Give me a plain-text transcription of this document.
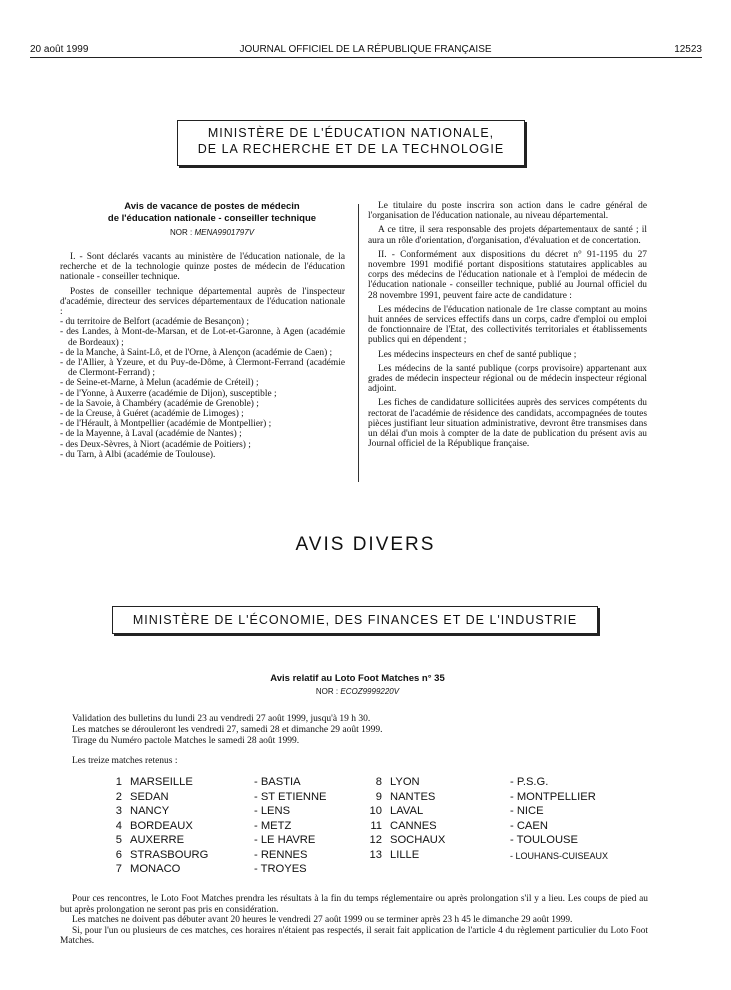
20 août 1999	JOURNAL OFFICIEL DE LA RÉPUBLIQUE FRANÇAISE	12523
MINISTÈRE DE L'ÉDUCATION NATIONALE,
DE LA RECHERCHE ET DE LA TECHNOLOGIE
Avis de vacance de postes de médecin
de l'éducation nationale - conseiller technique
NOR : MENA9901797V

I. - Sont déclarés vacants au ministère de l'éducation nationale, de la recherche et de la technologie quinze postes de médecin de l'éducation nationale - conseiller technique.

Postes de conseiller technique départemental auprès de l'inspecteur d'académie, directeur des services départementaux de l'éducation nationale :

- du territoire de Belfort (académie de Besançon) ;
- des Landes, à Mont-de-Marsan, et de Lot-et-Garonne, à Agen (académie de Bordeaux) ;
- de la Manche, à Saint-Lô, et de l'Orne, à Alençon (académie de Caen) ;
- de l'Allier, à Yzeure, et du Puy-de-Dôme, à Clermont-Ferrand (académie de Clermont-Ferrand) ;
- de Seine-et-Marne, à Melun (académie de Créteil) ;
- de l'Yonne, à Auxerre (académie de Dijon), susceptible ;
- de la Savoie, à Chambéry (académie de Grenoble) ;
- de la Creuse, à Guéret (académie de Limoges) ;
- de l'Hérault, à Montpellier (académie de Montpellier) ;
- de la Mayenne, à Laval (académie de Nantes) ;
- des Deux-Sèvres, à Niort (académie de Poitiers) ;
- du Tarn, à Albi (académie de Toulouse).

Le titulaire du poste inscrira son action dans le cadre général de l'organisation de l'éducation nationale, au niveau départemental.

A ce titre, il sera responsable des projets départementaux de santé ; il aura un rôle d'orientation, d'organisation, d'évaluation et de concertation.

II. - Conformément aux dispositions du décret n° 91-1195 du 27 novembre 1991 modifié portant dispositions statutaires applicables au corps des médecins de l'éducation nationale et à l'emploi de médecin de l'éducation nationale - conseiller technique, publié au Journal officiel du 28 novembre 1991, peuvent faire acte de candidature :

Les médecins de l'éducation nationale de 1re classe comptant au moins huit années de services effectifs dans un corps, cadre d'emploi ou emploi de fonctionnaire de l'Etat, des collectivités territoriales et établissements publics qui en dépendent ;

Les médecins inspecteurs en chef de santé publique ;

Les médecins de la santé publique (corps provisoire) appartenant aux grades de médecin inspecteur régional ou de médecin inspecteur régional adjoint.

Les fiches de candidature sollicitées auprès des services compétents du rectorat de l'académie de résidence des candidats, accompagnées de toutes pièces justifiant leur situation administrative, devront être transmises dans un délai d'un mois à compter de la date de publication du présent avis au Journal officiel de la République française.

AVIS DIVERS
MINISTÈRE DE L'ÉCONOMIE, DES FINANCES ET DE L'INDUSTRIE
Avis relatif au Loto Foot Matches n° 35
NOR : ECOZ9999220V
Validation des bulletins du lundi 23 au vendredi 27 août 1999, jusqu'à 19 h 30.
Les matches se dérouleront les vendredi 27, samedi 28 et dimanche 29 août 1999.
Tirage du Numéro pactole Matches le samedi 28 août 1999.
Les treize matches retenus :
1 MARSEILLE	- BASTIA
2 SEDAN	- ST ETIENNE
3 NANCY	- LENS
4 BORDEAUX	- METZ
5 AUXERRE	- LE HAVRE
6 STRASBOURG	- RENNES
7 MONACO	- TROYES
8 LYON	- P.S.G.
9 NANTES	- MONTPELLIER
10 LAVAL	- NICE
11 CANNES	- CAEN
12 SOCHAUX	- TOULOUSE
13 LILLE	- LOUHANS-CUISEAUX

Pour ces rencontres, le Loto Foot Matches prendra les résultats à la fin du temps réglementaire ou après prolongation s'il y a lieu. Les coups de pied au but après prolongation ne seront pas pris en considération.

Les matches ne doivent pas débuter avant 20 heures le vendredi 27 août 1999 ou se terminer après 23 h 45 le dimanche 29 août 1999.

Si, pour l'un ou plusieurs de ces matches, ces horaires n'étaient pas respectés, il serait fait application de l'article 4 du règlement particulier du Loto Foot Matches.
